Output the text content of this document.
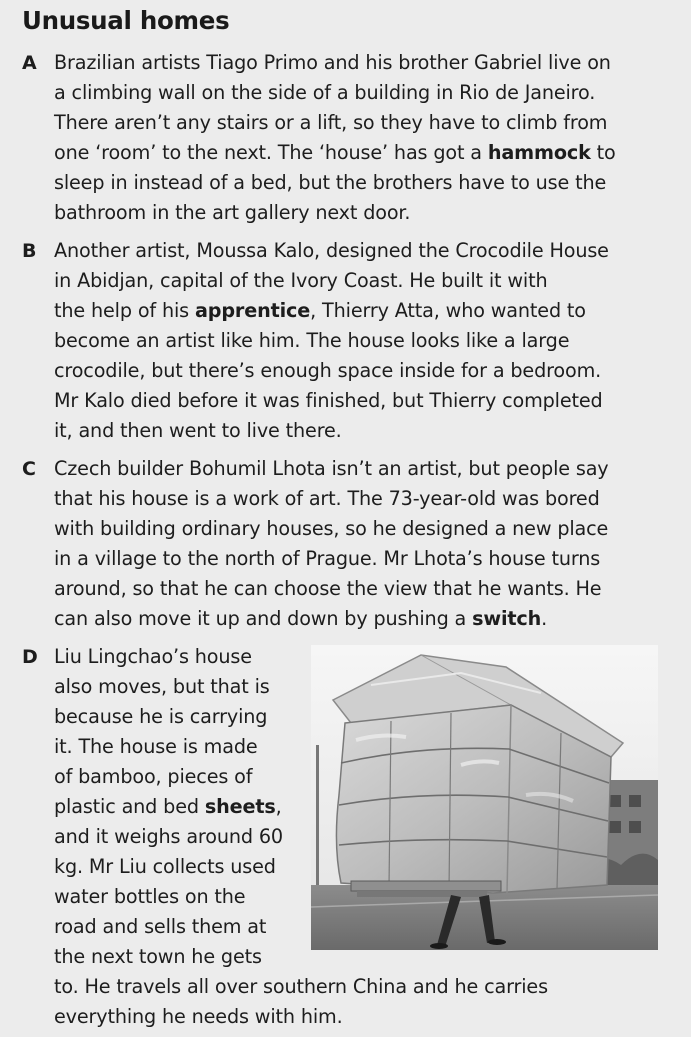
Unusual homes
A Brazilian artists Tiago Primo and his brother Gabriel live on
a climbing wall on the side of a building in Rio de Janeiro.
There aren’t any stairs or a lift, so they have to climb from
one ‘room’ to the next. The ‘house’ has got a hammock to
sleep in instead of a bed, but the brothers have to use the
bathroom in the art gallery next door.
B Another artist, Moussa Kalo, designed the Crocodile House
in Abidjan, capital of the Ivory Coast. He built it with
the help of his apprentice, Thierry Atta, who wanted to
become an artist like him. The house looks like a large
crocodile, but there’s enough space inside for a bedroom.
Mr Kalo died before it was finished, but Thierry completed
it, and then went to live there.
C Czech builder Bohumil Lhota isn’t an artist, but people say
that his house is a work of art. The 73-year-old was bored
with building ordinary houses, so he designed a new place
in a village to the north of Prague. Mr Lhota’s house turns
around, so that he can choose the view that he wants. He
can also move it up and down by pushing a switch.
D Liu Lingchao’s house
also moves, but that is
because he is carrying
it. The house is made
of bamboo, pieces of
plastic and bed sheets,
and it weighs around 60
kg. Mr Liu collects used
water bottles on the
road and sells them at
the next town he gets
to. He travels all over southern China and he carries
everything he needs with him.
